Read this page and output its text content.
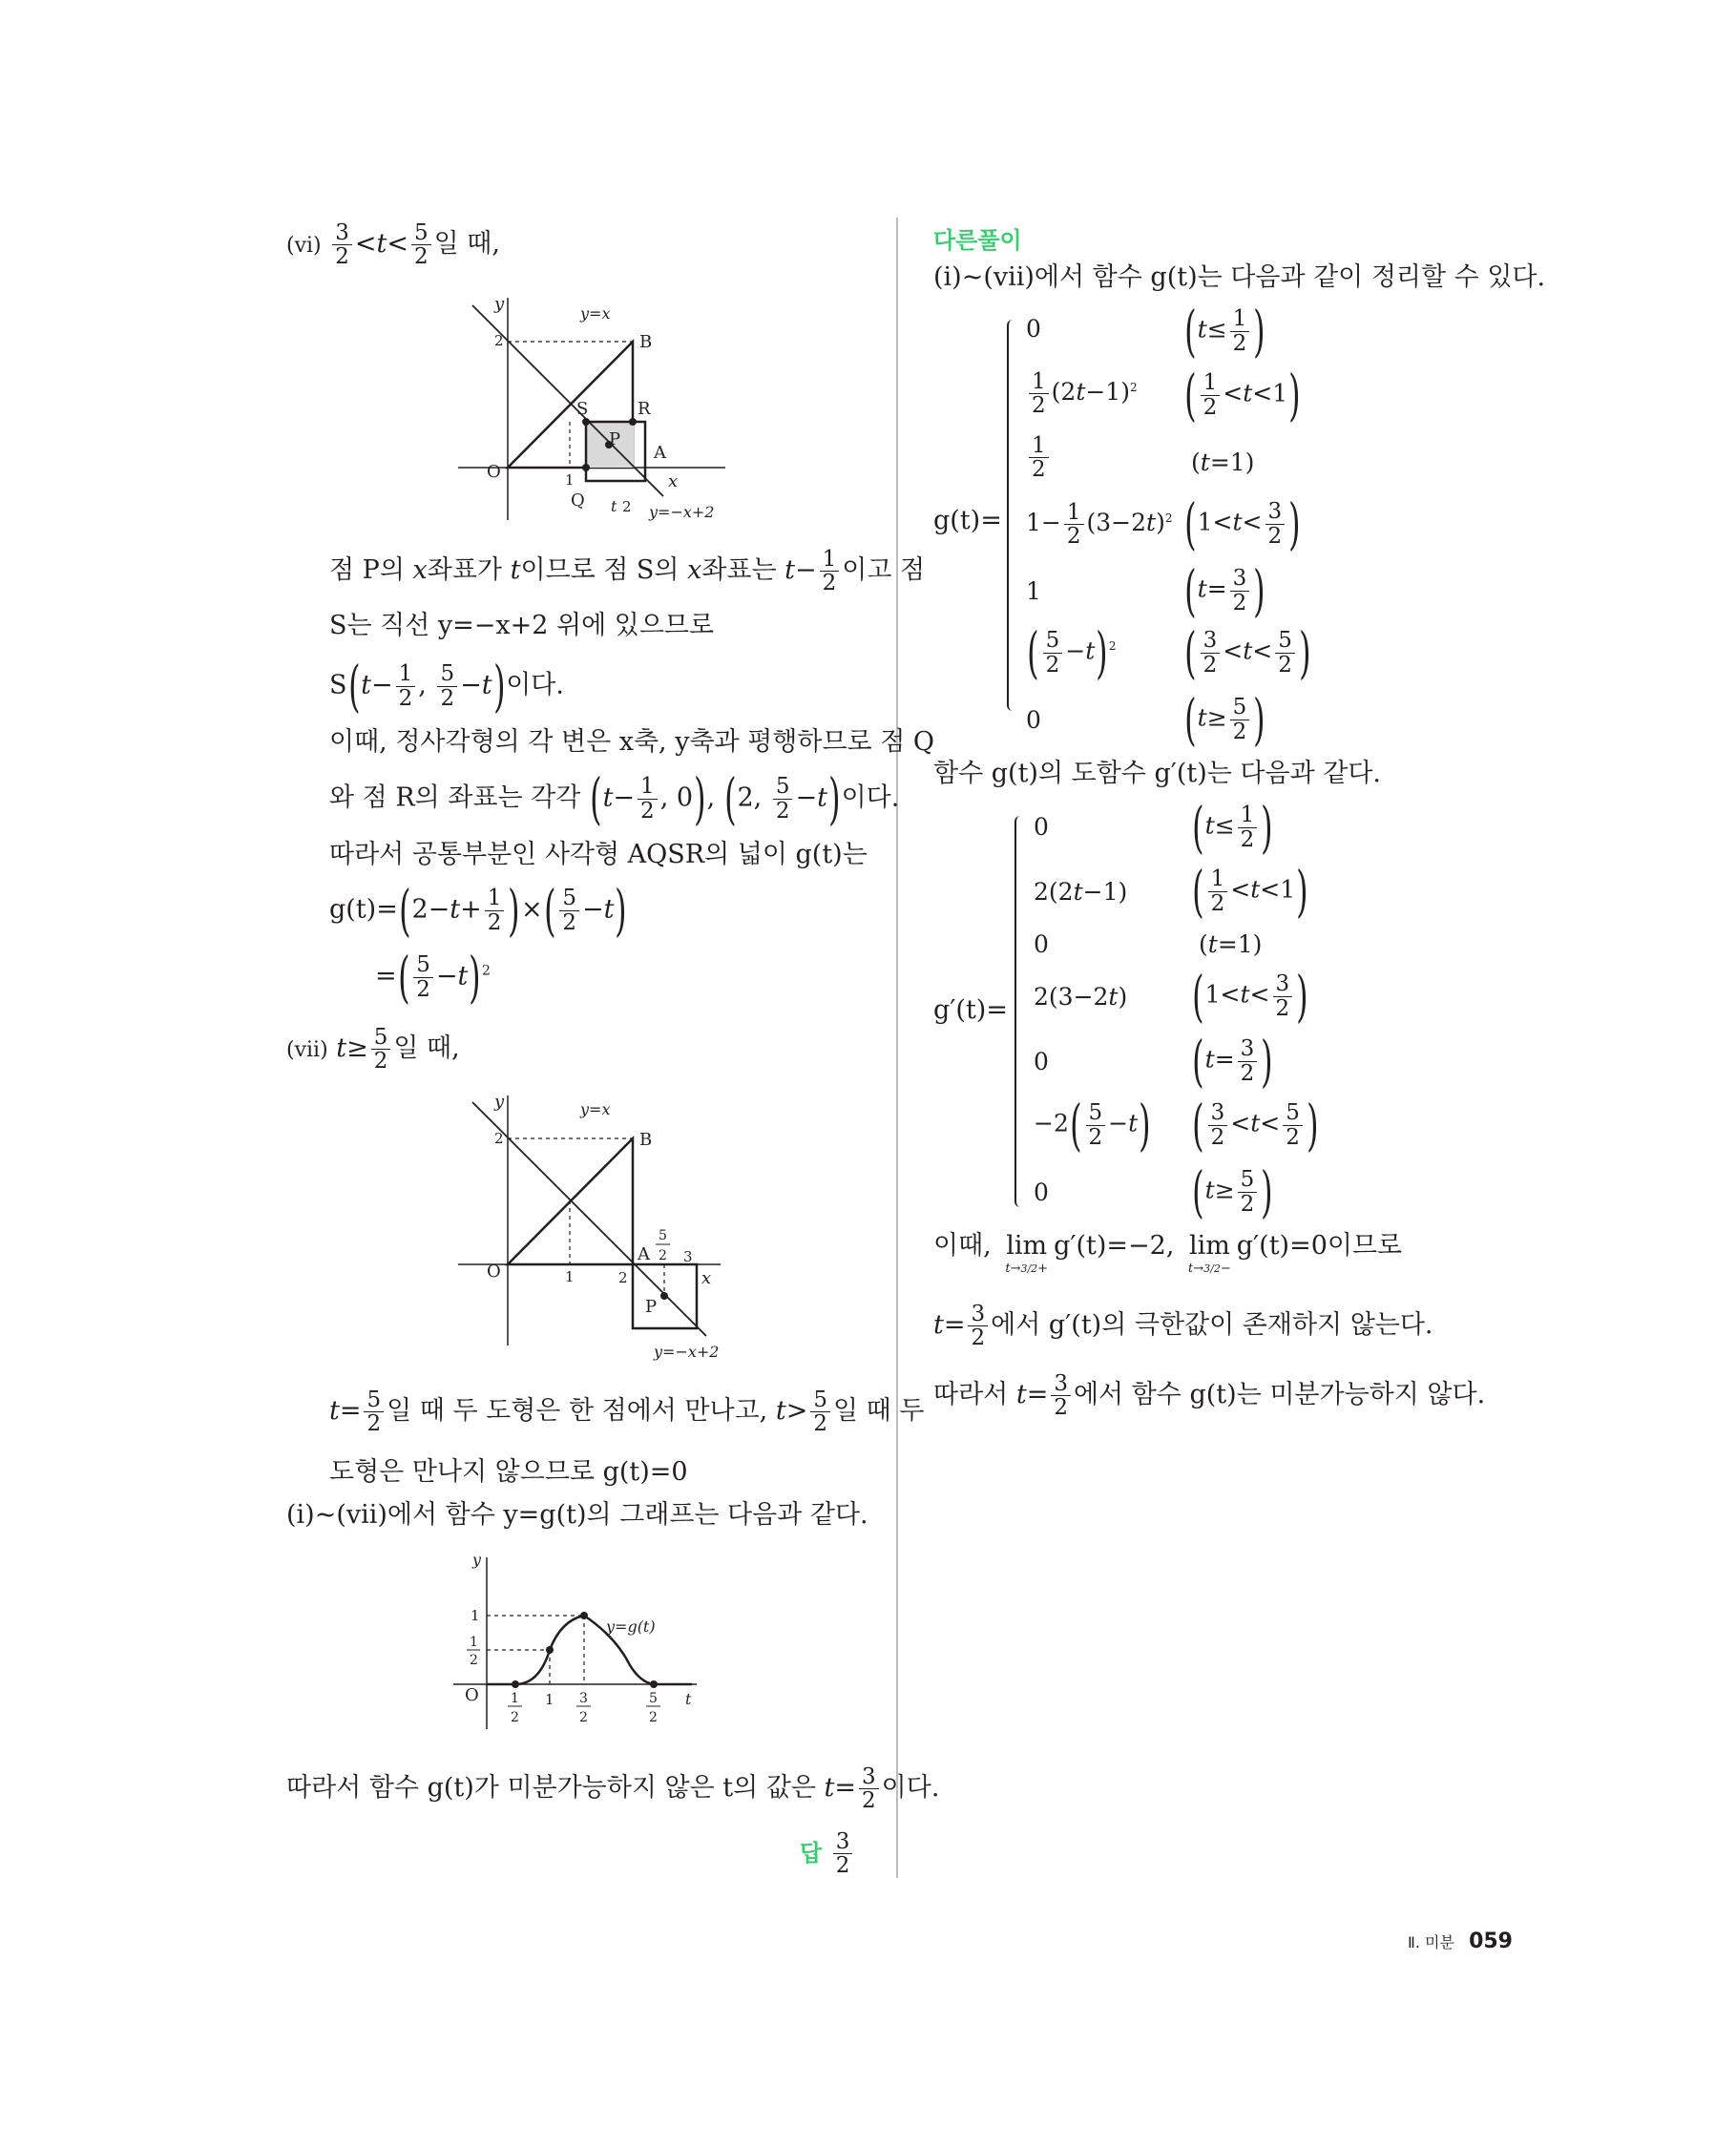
$(vi) \frac{3}{2} <t< \frac{5}{2}$ 일 때,
O	1
2
t 2
x
y
B
S	R
P
A
Q
y=x
y=−x+2
점 P의 x좌표가 t이므로 점 S의 x좌표는 $t- \frac{1}{2}$ 이고 점
S는 직선 y=−x+2 위에 있으므로
$S(t- \frac{1}{2}$ , $\frac{5}{2} -t$)이다.
이때, 정사각형의 각 변은 x축, y축과 평행하므로 점 Q
와 점 R의 좌표는 각각 ($t- \frac{1}{2}$ , 0), (2, $\frac{5}{2} -t$)이다.
따라서 공통부분인 사각형 AQSR의 넓이 g(t)는
$g(t)=(2-t+ \frac{1}{2}$ )×( $\frac{5}{2} -t$)
=( $\frac{5}{2} -t)^2$
(vii) $t\ge \frac{5}{2}$ 일 때,
O	1	2
3
2
x
y
B
A
P
5
2
y=x
y=−x+2
$t= \frac{5}{2}$ 일 때 두 도형은 한 점에서 만나고, $t> \frac{5}{2}$ 일 때 두
도형은 만나지 않으므로 g(t)=0
(i)~(vii)에서 함수 y=g(t)의 그래프는 다음과 같다.
O
1
1
y
t
y=g(t)
1
2
1
2
3
2
5
2
따라서 함수 g(t)가 미분가능하지 않은 t의 값은 $t= \frac{3}{2}$ 이다.
답 $\frac{3}{2}$
다른풀이
(i)~(vii)에서 함수 g(t)는 다음과 같이 정리할 수 있다.
g(t)=
0	($t\le \frac{1}{2}$ )
$\frac{1}{2} (2t-1)^2$ ( $\frac{1}{2} <t<1$)
$\frac{1}{2}$	(t=1)
$1- \frac{1}{2} (3-2t)^2$ ($1<t< \frac{3}{2}$ )
1	($t= \frac{3}{2}$ )
( $\frac{5}{2} -t)^2$ ( $\frac{3}{2} <t< \frac{5}{2}$ )
0	($t\ge \frac{5}{2}$ )
함수 g(t)의 도함수 g′(t)는 다음과 같다.
g′(t)=
0	($t\le \frac{1}{2}$ )
2(2t−1) ( $\frac{1}{2} <t<1$)
0	(t=1)
2(3−2t) ($1<t< \frac{3}{2}$ )
0	($t= \frac{3}{2}$ )
$-2( \frac{5}{2} -t)$ ( $\frac{3}{2} <t< \frac{5}{2}$ )
0	($t\ge \frac{5}{2}$ )
이때, lim
t→3/2+
g′(t)=−2, lim
t→3/2−
g′(t)=0이므로
$t= \frac{3}{2}$ 에서 g′(t)의 극한값이 존재하지 않는다.
따라서 $t= \frac{3}{2}$ 에서 함수 g(t)는 미분가능하지 않다.
Ⅱ. 미분 059
